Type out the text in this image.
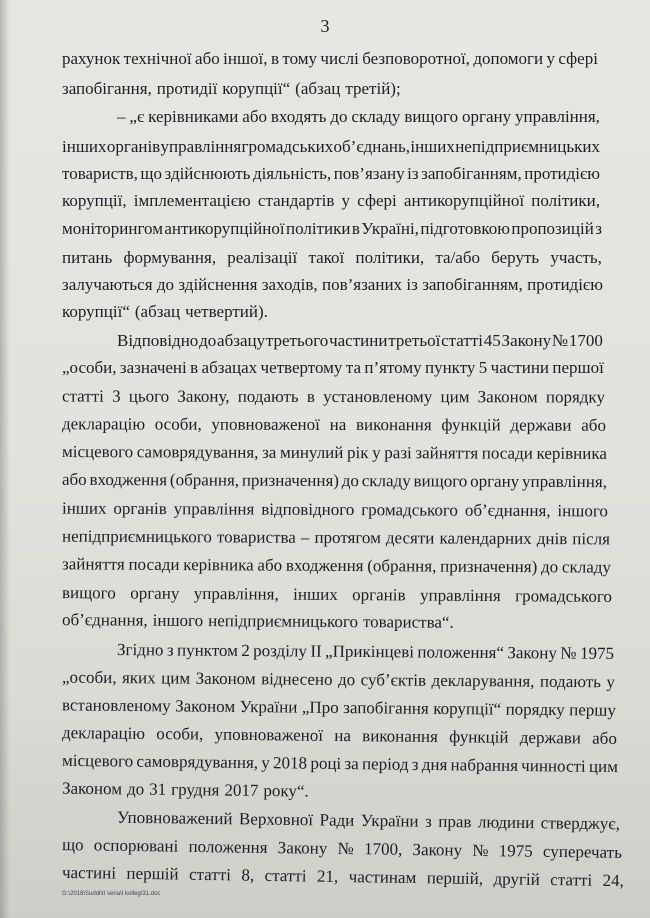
3
рахунок технічної або іншої, в тому числі безповоротної, допомоги у сфері
запобігання, протидії корупції“ (абзац третій);
– „є керівниками або входять до складу вищого органу управління,
інших органів управління громадських об’єднань, інших непідприємницьких
товариств, що здійснюють діяльність, пов’язану із запобіганням, протидією
корупції, імплементацією стандартів у сфері антикорупційної політики,
моніторингом антикорупційної політики в Україні, підготовкою пропозицій з
питань формування, реалізації такої політики, та/або беруть участь,
залучаються до здійснення заходів, пов’язаних із запобіганням, протидією
корупції“ (абзац четвертий).
Відповідно до абзацу третього частини третьої статті 45 Закону № 1700
„особи, зазначені в абзацах четвертому та п’ятому пункту 5 частини першої
статті 3 цього Закону, подають в установленому цим Законом порядку
декларацію особи, уповноваженої на виконання функцій держави або
місцевого самоврядування, за минулий рік у разі зайняття посади керівника
або входження (обрання, призначення) до складу вищого органу управління,
інших органів управління відповідного громадського об’єднання, іншого
непідприємницького товариства – протягом десяти календарних днів після
зайняття посади керівника або входження (обрання, призначення) до складу
вищого органу управління, інших органів управління громадського
об’єднання, іншого непідприємницького товариства“.
Згідно з пунктом 2 розділу ІІ „Прикінцеві положення“ Закону № 1975
„особи, яких цим Законом віднесено до суб’єктів декларування, подають у
встановленому Законом України „Про запобігання корупції“ порядку першу
декларацію особи, уповноваженої на виконання функцій держави або
місцевого самоврядування, у 2018 році за період з дня набрання чинності цим
Законом до 31 грудня 2017 року“.
Уповноважений Верховної Ради України з прав людини стверджує,
що оспорювані положення Закону № 1700, Закону № 1975 суперечать
частині першій статті 8, статті 21, частинам першій, другій статті 24,
G:\2018\Suddi\II sena\I kolleg\31.doc
